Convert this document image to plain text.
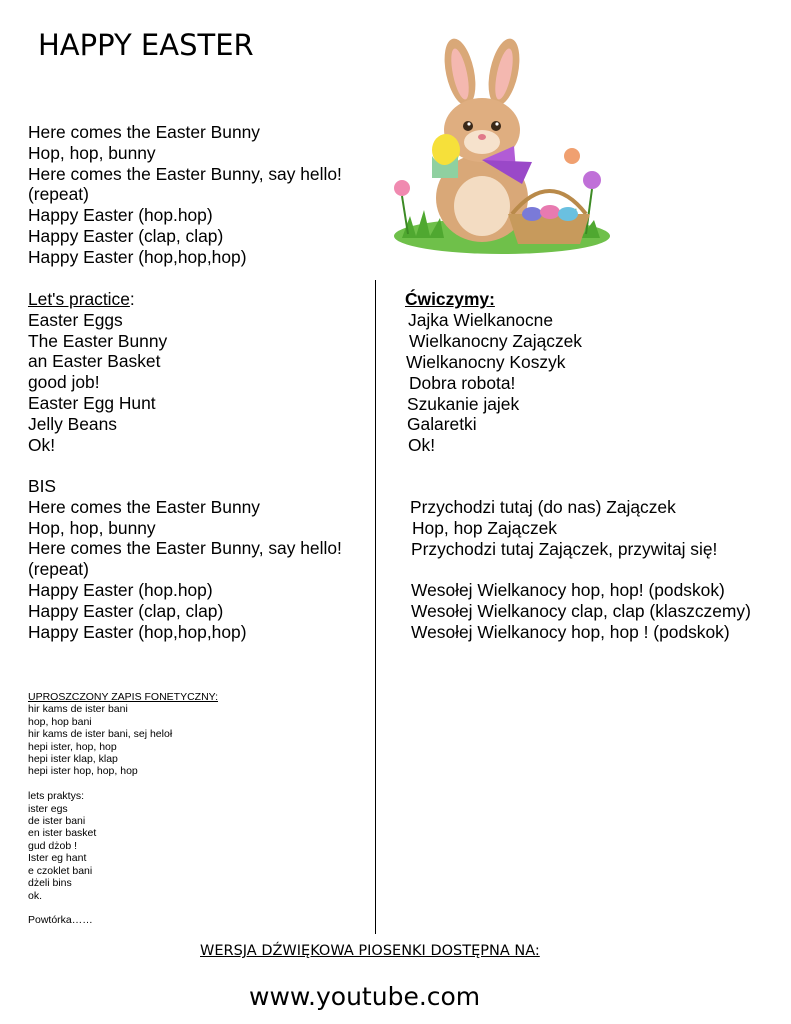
HAPPY EASTER
Here comes the Easter Bunny
Hop, hop, bunny
Here comes the Easter Bunny, say hello!
(repeat)
Happy Easter (hop.hop)
Happy Easter (clap, clap)
Happy Easter (hop,hop,hop)
Let's practice:
Easter Eggs
The Easter Bunny
an Easter Basket
good job!
Easter Egg Hunt
Jelly Beans
Ok!
Ćwiczymy:
Jajka Wielkanocne
Wielkanocny Zajączek
Wielkanocny Koszyk
Dobra robota!
Szukanie jajek
Galaretki
Ok!
BIS
Here comes the Easter Bunny
Hop, hop, bunny
Here comes the Easter Bunny, say hello!
(repeat)
Happy Easter (hop.hop)
Happy Easter (clap, clap)
Happy Easter (hop,hop,hop)
Przychodzi tutaj (do nas) Zajączek
Hop, hop Zajączek
Przychodzi tutaj Zajączek, przywitaj się!
Wesołej Wielkanocy hop, hop! (podskok)
Wesołej Wielkanocy clap, clap (klaszczemy)
Wesołej Wielkanocy hop, hop ! (podskok)
UPROSZCZONY ZAPIS FONETYCZNY:
hir kams de ister bani
hop, hop bani
hir kams de ister bani, sej heloł
hepi ister, hop, hop
hepi ister klap, klap
hepi ister hop, hop, hop

lets praktys:
ister egs
de ister bani
en ister basket
gud dżob !
Ister eg hant
e czoklet bani
dżeli bins
ok.

Powtórka……
WERSJA DŹWIĘKOWA PIOSENKI DOSTĘPNA NA:
www.youtube.com
